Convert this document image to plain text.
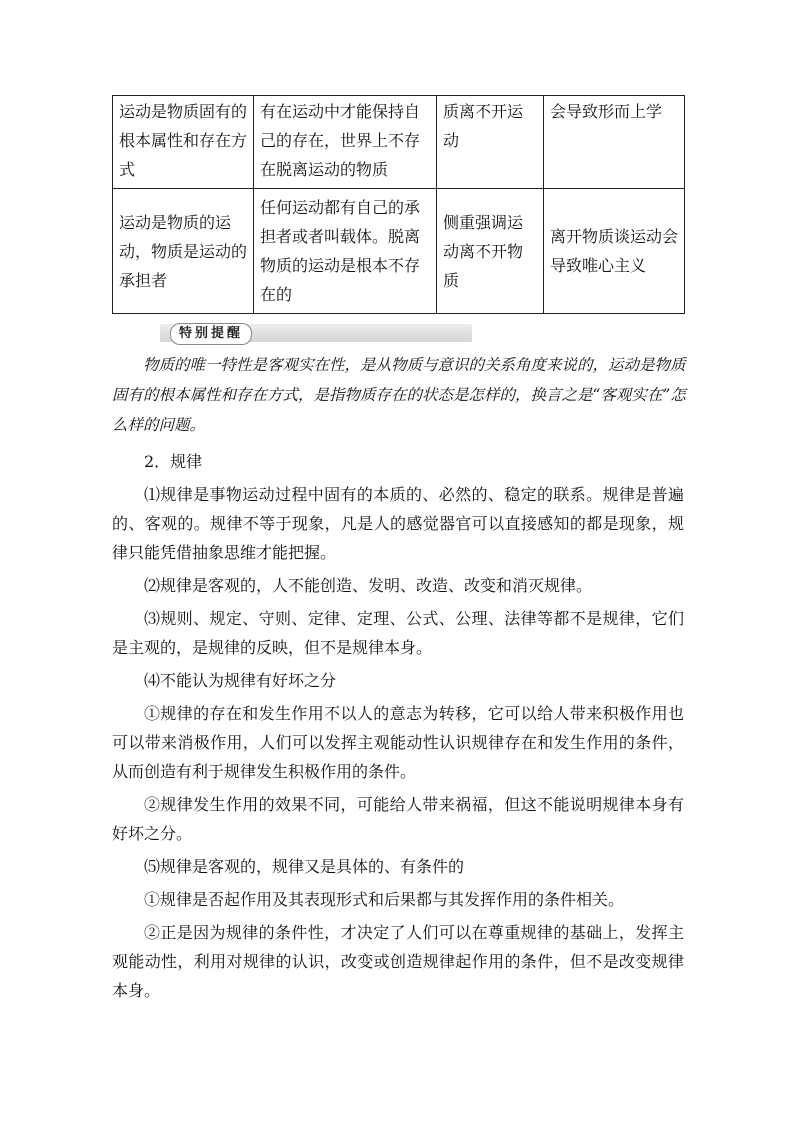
运动是物质固有的根本属性和存在方式	有在运动中才能保持自己的存在，世界上不存在脱离运动的物质	质离不开运动	会导致形而上学
运动是物质的运动，物质是运动的承担者	任何运动都有自己的承担者或者叫载体。脱离物质的运动是根本不存在的	侧重强调运动离不开物质	离开物质谈运动会导致唯心主义
特别提醒
物质的唯一特性是客观实在性，是从物质与意识的关系角度来说的，运动是物质固有的根本属性和存在方式，是指物质存在的状态是怎样的，换言之是“客观实在”怎么样的问题。

2．规律

⑴规律是事物运动过程中固有的本质的、必然的、稳定的联系。规律是普遍的、客观的。规律不等于现象，凡是人的感觉器官可以直接感知的都是现象，规律只能凭借抽象思维才能把握。

⑵规律是客观的，人不能创造、发明、改造、改变和消灭规律。

⑶规则、规定、守则、定律、定理、公式、公理、法律等都不是规律，它们是主观的，是规律的反映，但不是规律本身。

⑷不能认为规律有好坏之分

①规律的存在和发生作用不以人的意志为转移，它可以给人带来积极作用也可以带来消极作用，人们可以发挥主观能动性认识规律存在和发生作用的条件，从而创造有利于规律发生积极作用的条件。

②规律发生作用的效果不同，可能给人带来祸福，但这不能说明规律本身有好坏之分。

⑸规律是客观的，规律又是具体的、有条件的

①规律是否起作用及其表现形式和后果都与其发挥作用的条件相关。

②正是因为规律的条件性，才决定了人们可以在尊重规律的基础上，发挥主观能动性，利用对规律的认识，改变或创造规律起作用的条件，但不是改变规律本身。
